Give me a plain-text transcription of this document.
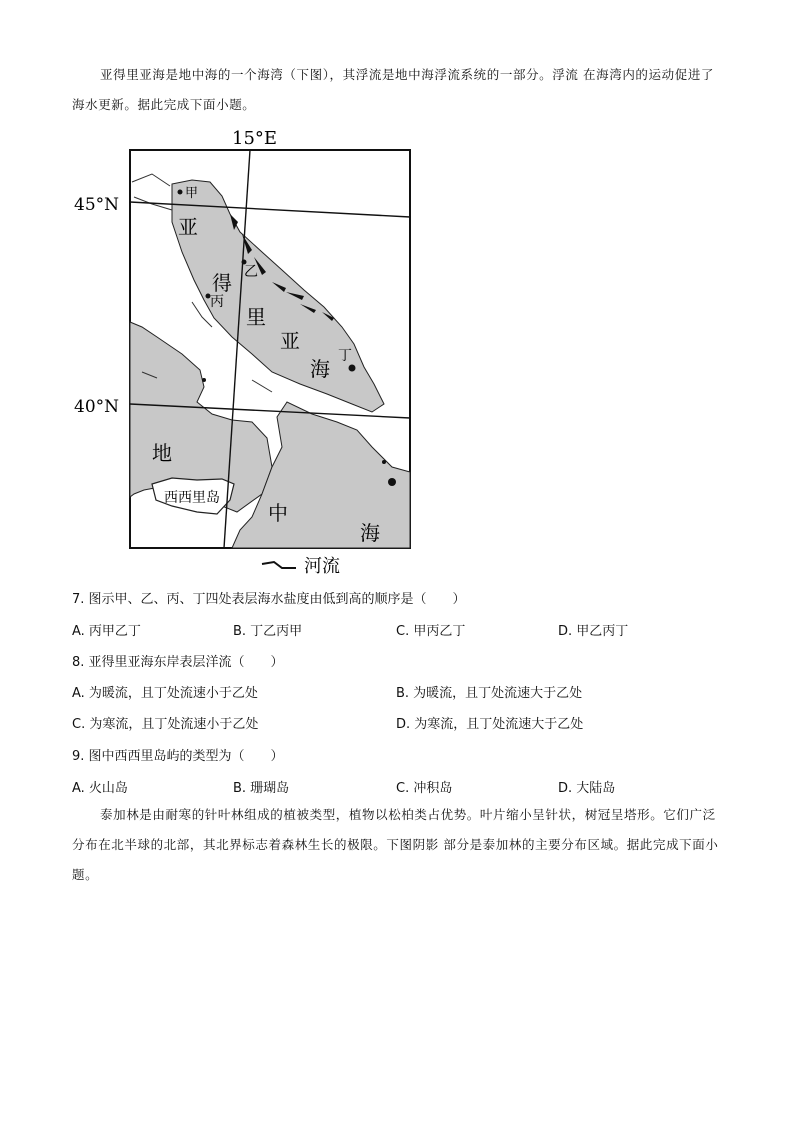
亚得里亚海是地中海的一个海湾（下图），其浮流是地中海浮流系统的一部分。浮流 在海湾内的运动促进了海水更新。据此完成下面小题。
15°E
45°N
40°N
甲
乙
丙
丁
亚
得
里
亚
海
地
中
海
西西里岛
河流
7. 图示甲、乙、丙、丁四处表层海水盐度由低到高的顺序是（　　）
A. 丙甲乙丁	B. 丁乙丙甲	C. 甲丙乙丁	D. 甲乙丙丁
8. 亚得里亚海东岸表层洋流（　　）
A. 为暖流，且丁处流速小于乙处	B. 为暖流，且丁处流速大于乙处
C. 为寒流，且丁处流速小于乙处	D. 为寒流，且丁处流速大于乙处
9. 图中西西里岛屿的类型为（　　）
A. 火山岛	B. 珊瑚岛	C. 冲积岛	D. 大陆岛
泰加林是由耐寒的针叶林组成的植被类型，植物以松柏类占优势。叶片缩小呈针状，树冠呈塔形。它们广泛分布在北半球的北部，其北界标志着森林生长的极限。下图阴影 部分是泰加林的主要分布区域。据此完成下面小题。
